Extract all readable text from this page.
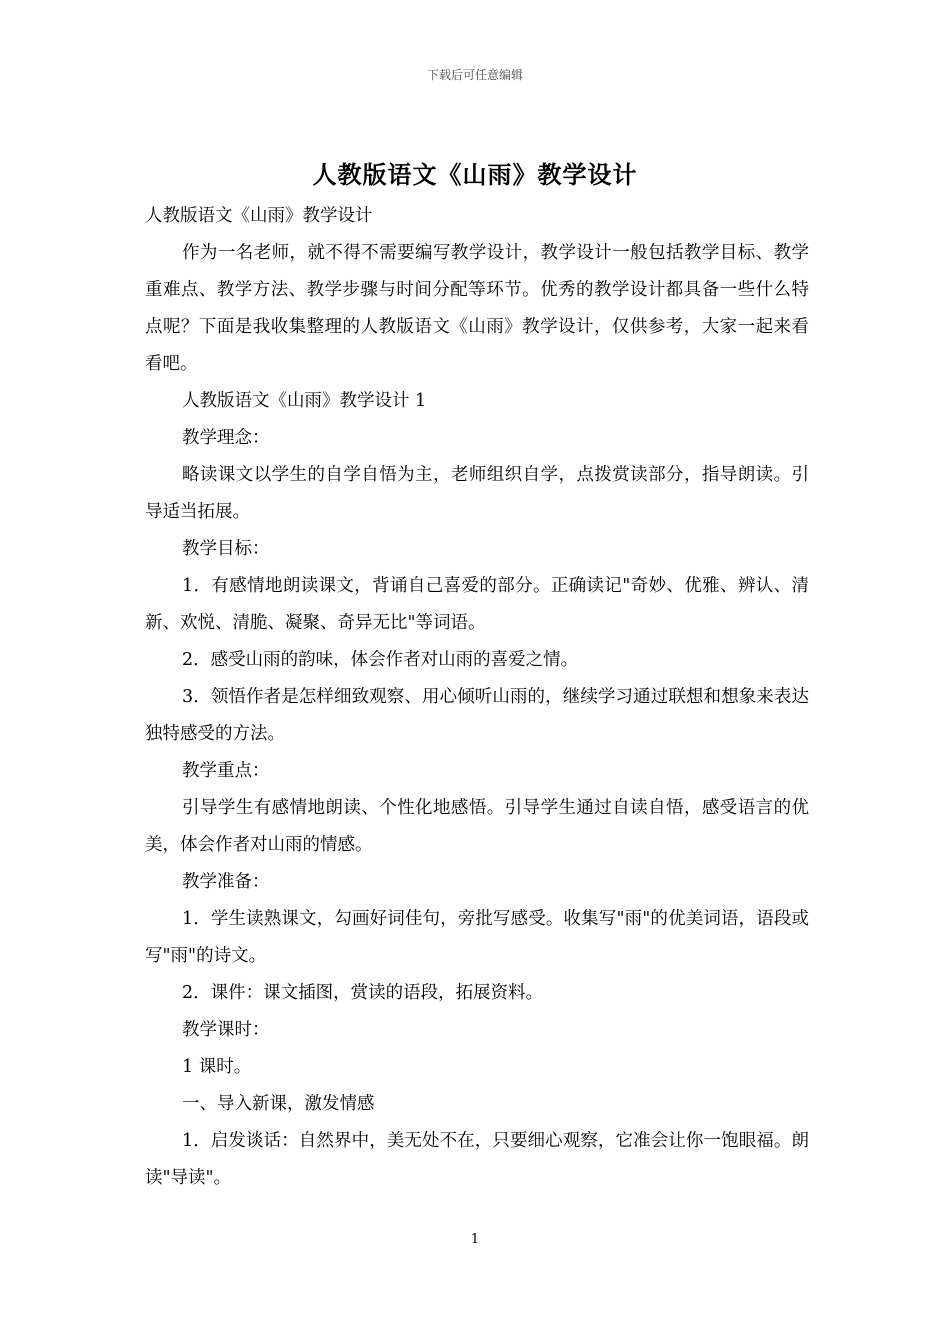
下载后可任意编辑
人教版语文《山雨》教学设计

人教版语文《山雨》教学设计

作为一名老师，就不得不需要编写教学设计，教学设计一般包括教学目标、教学重难点、教学方法、教学步骤与时间分配等环节。优秀的教学设计都具备一些什么特点呢？下面是我收集整理的人教版语文《山雨》教学设计，仅供参考，大家一起来看看吧。

人教版语文《山雨》教学设计 1

教学理念：

略读课文以学生的自学自悟为主，老师组织自学，点拨赏读部分，指导朗读。引导适当拓展。

教学目标：

1．有感情地朗读课文，背诵自己喜爱的部分。正确读记"奇妙、优雅、辨认、清新、欢悦、清脆、凝聚、奇异无比"等词语。

2．感受山雨的韵味，体会作者对山雨的喜爱之情。

3．领悟作者是怎样细致观察、用心倾听山雨的，继续学习通过联想和想象来表达独特感受的方法。

教学重点：

引导学生有感情地朗读、个性化地感悟。引导学生通过自读自悟，感受语言的优美，体会作者对山雨的情感。

教学准备：

1．学生读熟课文，勾画好词佳句，旁批写感受。收集写"雨"的优美词语，语段或写"雨"的诗文。

2．课件：课文插图，赏读的语段，拓展资料。

教学课时：

1 课时。

一、导入新课，激发情感

1．启发谈话：自然界中，美无处不在，只要细心观察，它准会让你一饱眼福。朗读"导读"。

1
